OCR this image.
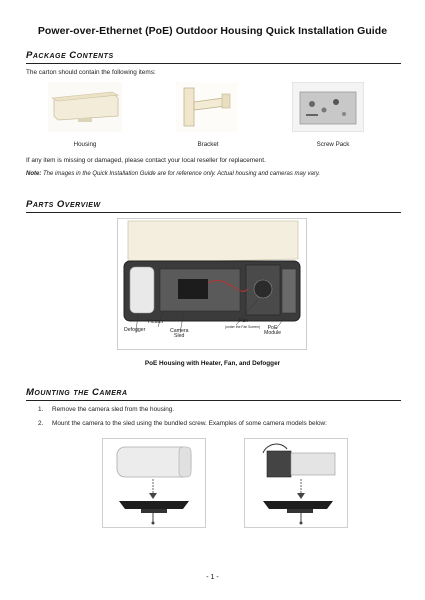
Power-over-Ethernet (PoE) Outdoor Housing Quick Installation Guide
Package Contents
The carton should contain the following items:
Housing	Bracket	Screw Pack
If any item is missing or damaged, please contact your local reseller for replacement.
Note: The images in the Quick Installation Guide are for reference only. Actual housing and cameras may vary.
Parts Overview
Heater
Defogger	Camera
Sled
Fan
(under the Fan Screen)	PoE
Module
PoE Housing with Heater, Fan, and Defogger
Mounting the Camera
1. Remove the camera sled from the housing.
2. Mount the camera to the sled using the bundled screw. Examples of some camera models below:
- 1 -
